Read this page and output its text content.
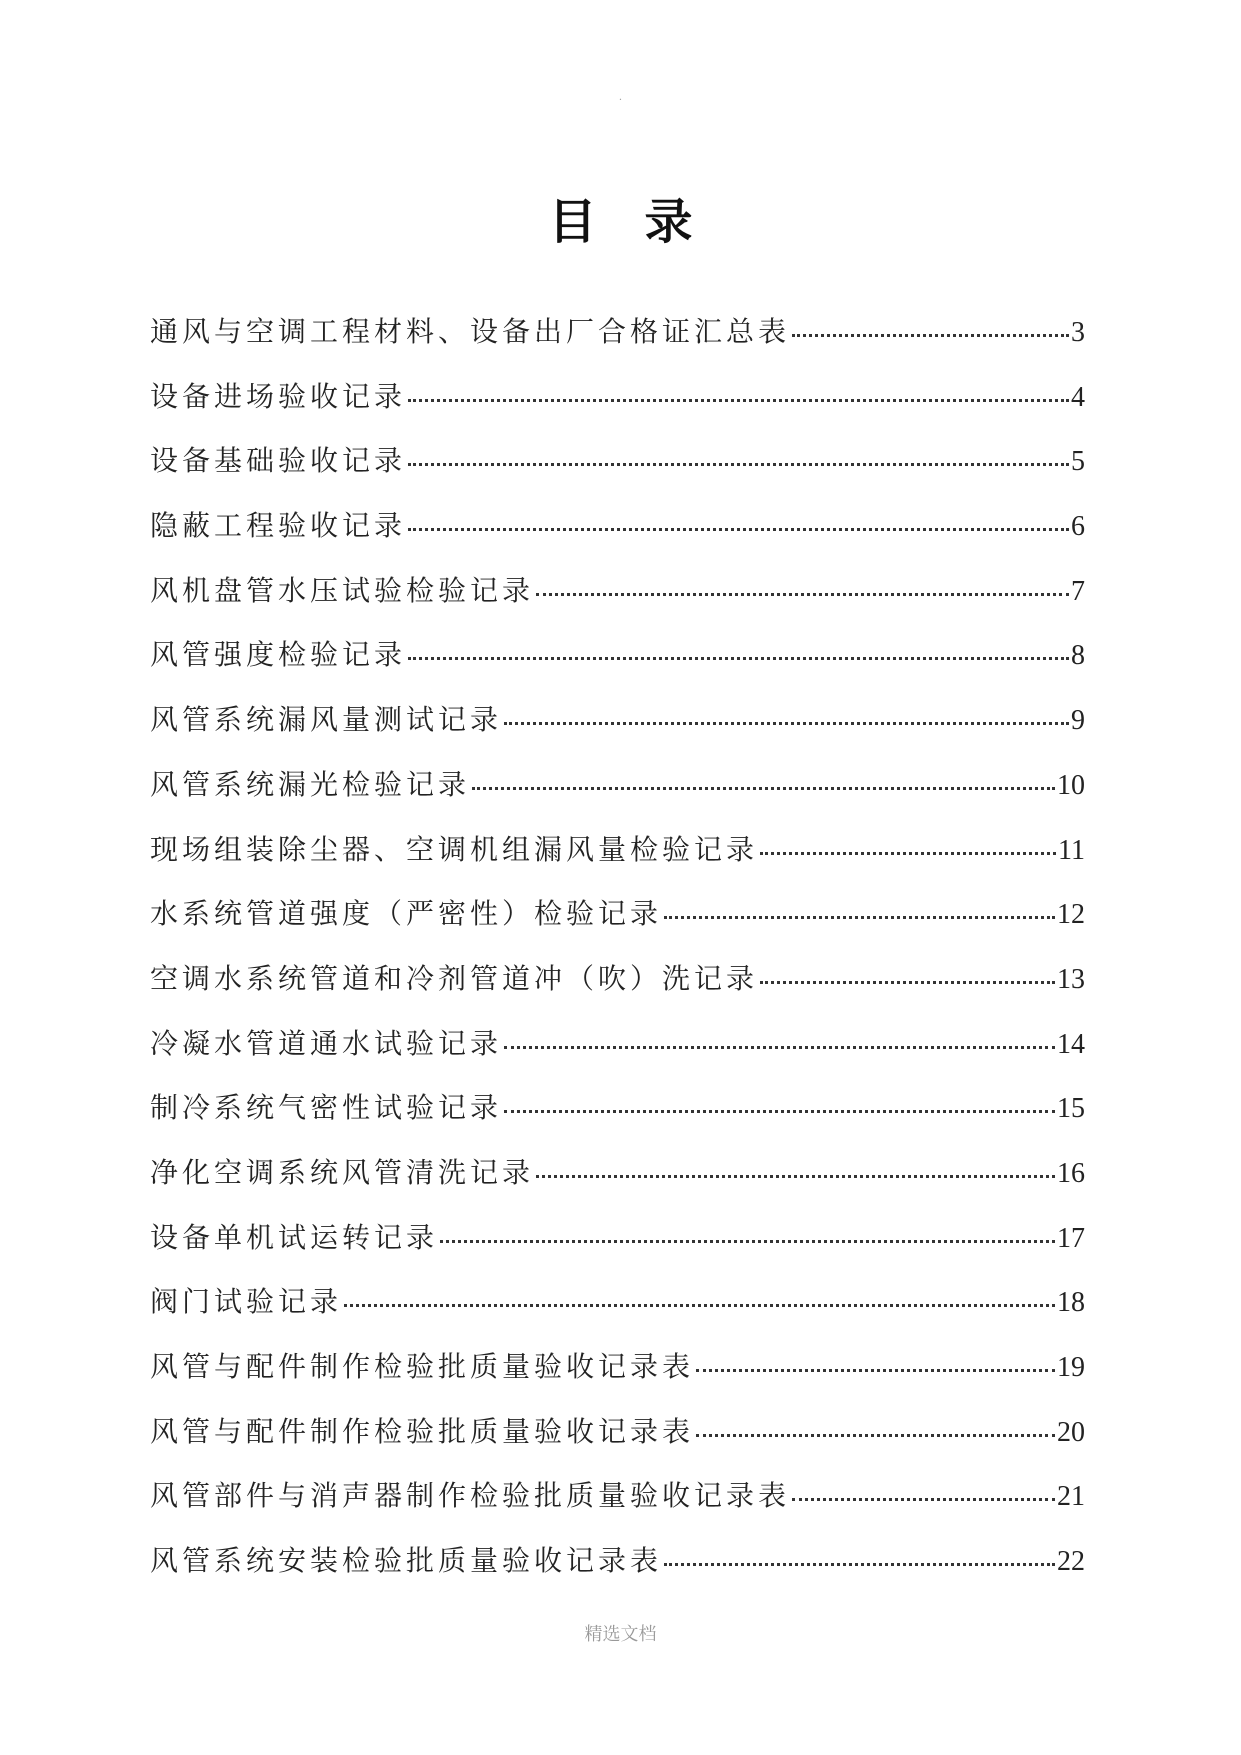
.
目录
通风与空调工程材料、设备出厂合格证汇总表	3
设备进场验收记录	4
设备基础验收记录	5
隐蔽工程验收记录	6
风机盘管水压试验检验记录	7
风管强度检验记录	8
风管系统漏风量测试记录	9
风管系统漏光检验记录	10
现场组装除尘器、空调机组漏风量检验记录	11
水系统管道强度（严密性）检验记录	12
空调水系统管道和冷剂管道冲（吹）洗记录	13
冷凝水管道通水试验记录	14
制冷系统气密性试验记录	15
净化空调系统风管清洗记录	16
设备单机试运转记录	17
阀门试验记录	18
风管与配件制作检验批质量验收记录表	19
风管与配件制作检验批质量验收记录表	20
风管部件与消声器制作检验批质量验收记录表	21
风管系统安装检验批质量验收记录表	22
精选文档
